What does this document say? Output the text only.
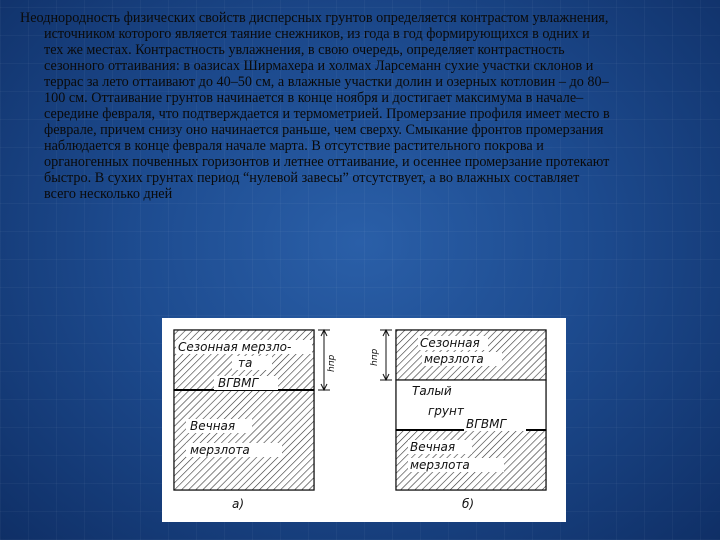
Неоднородность физических свойств дисперсных грунтов определяется контрастом увлажнения, источником которого является таяние снежников, из года в год формирующихся в одних и тех же местах. Контрастность увлажнения, в свою очередь, определяет контрастность сезонного оттаивания: в оазисах Ширмахера и холмах Ларсеманн сухие участки склонов и террас за лето оттаивают до 40–50 см, а влажные участки долин и озерных котловин – до 80–100 см. Оттаивание грунтов начинается в конце ноября и достигает максимума в начале–середине февраля, что подтверждается и термометрией. Промерзание профиля имеет место в феврале, причем снизу оно начинается раньше, чем сверху. Смыкание фронтов промерзания наблюдается в конце февраля начале марта. В отсутствие растительного покрова и органогенных почвенных горизонтов и летнее оттаивание, и осеннее промерзание протекают быстро. В сухих грунтах период “нулевой завесы” отсутствует, а во влажных составляет всего несколько дней
Сезонная мерзло-
та
ВГВМГ
Вечная
мерзлота
hпр
а)
Сезонная
мерзлота
Талый
грунт
ВГВМГ
Вечная
мерзлота
hпр
б)
